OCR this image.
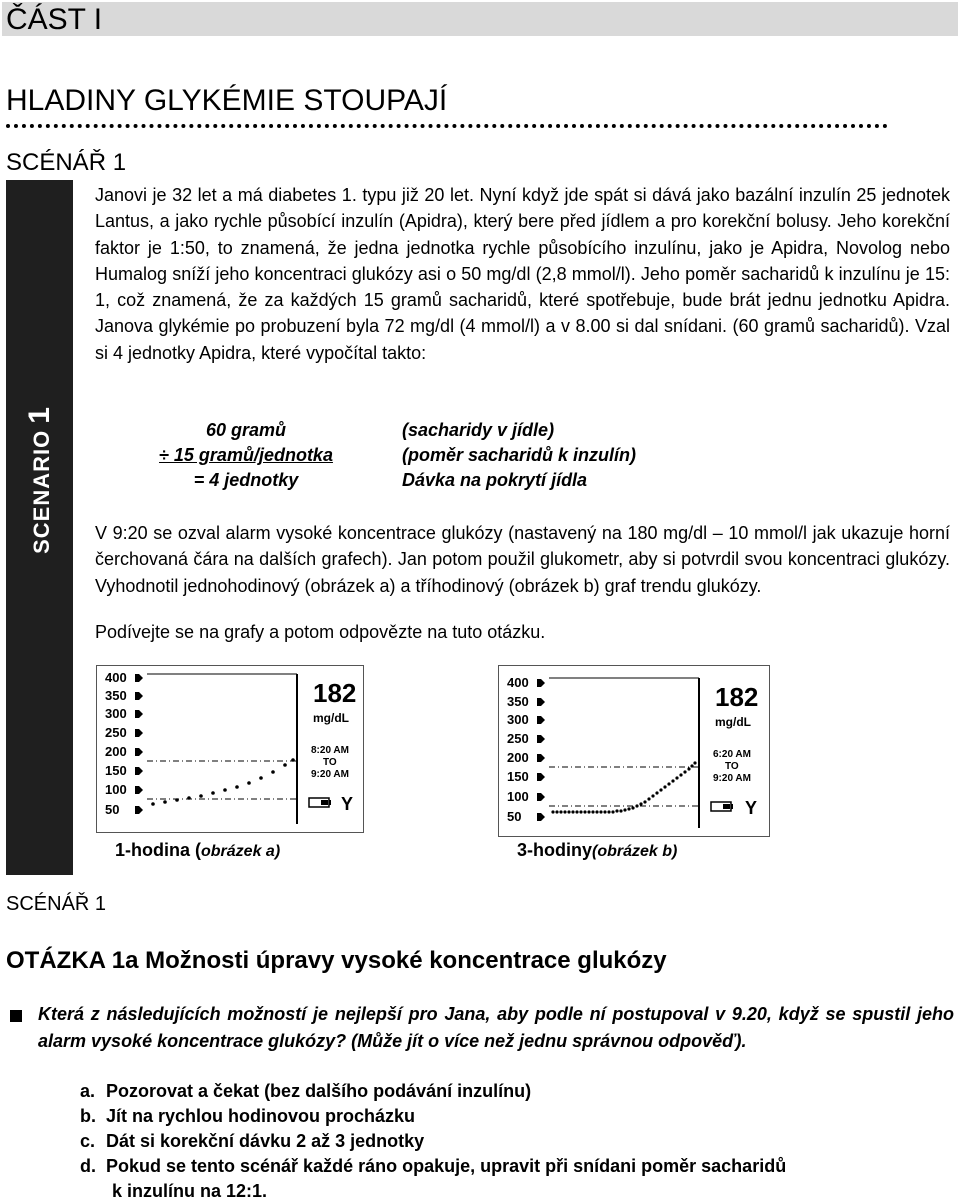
ČÁST I
HLADINY GLYKÉMIE STOUPAJÍ
SCÉNÁŘ 1
SCENARIO1
Janovi je 32 let a má diabetes 1. typu již 20 let. Nyní když jde spát si dává jako bazální inzulín 25 jednotek Lantus, a jako rychle působící inzulín (Apidra), který bere před jídlem a pro korekční bolusy. Jeho korekční faktor je 1:50, to znamená, že jedna jednotka rychle působícího inzulínu, jako je Apidra, Novolog nebo Humalog sníží jeho koncentraci glukózy asi o 50 mg/dl (2,8 mmol/l). Jeho poměr sacharidů k inzulínu je 15: 1, což znamená, že za každých 15 gramů sacharidů, které spotřebuje, bude brát jednu jednotku Apidra. Janova glykémie po probuzení byla 72 mg/dl (4 mmol/l) a v 8.00 si dal snídani. (60 gramů sacharidů). Vzal si 4 jednotky Apidra, které vypočítal takto:
60 gramů	(sacharidy v jídle)
÷ 15 gramů/jednotka	(poměr sacharidů k inzulín)
= 4 jednotky	Dávka na pokrytí jídla
V 9:20 se ozval alarm vysoké koncentrace glukózy (nastavený na 180 mg/dl – 10 mmol/l jak ukazuje horní čerchovaná čára na dalších grafech). Jan potom použil glukometr, aby si potvrdil svou koncentraci glukózy. Vyhodnotil jednohodinový (obrázek a) a tříhodinový (obrázek b) graf trendu glukózy.
Podívejte se na grafy a potom odpovězte na tuto otázku.
400
350
300
250
200
150
100
50
182
mg/dL
8:20 AM
TO
9:20 AM
Y
1-hodina (obrázek a)
400
350
300
250
200
150
100
50
182
mg/dL
6:20 AM
TO
9:20 AM
Y
3-hodiny(obrázek b)
SCÉNÁŘ 1
OTÁZKA 1a Možnosti úpravy vysoké koncentrace glukózy
Která z následujících možností je nejlepší pro Jana, aby podle ní postupoval v 9.20, když se spustil jeho alarm vysoké koncentrace glukózy? (Může jít o více než jednu správnou odpověď).
a. Pozorovat a čekat (bez dalšího podávání inzulínu)
b. Jít na rychlou hodinovou procházku
c. Dát si korekční dávku 2 až 3 jednotky
d. Pokud se tento scénář každé ráno opakuje, upravit při snídani poměr sacharidů
k inzulínu na 12:1.
